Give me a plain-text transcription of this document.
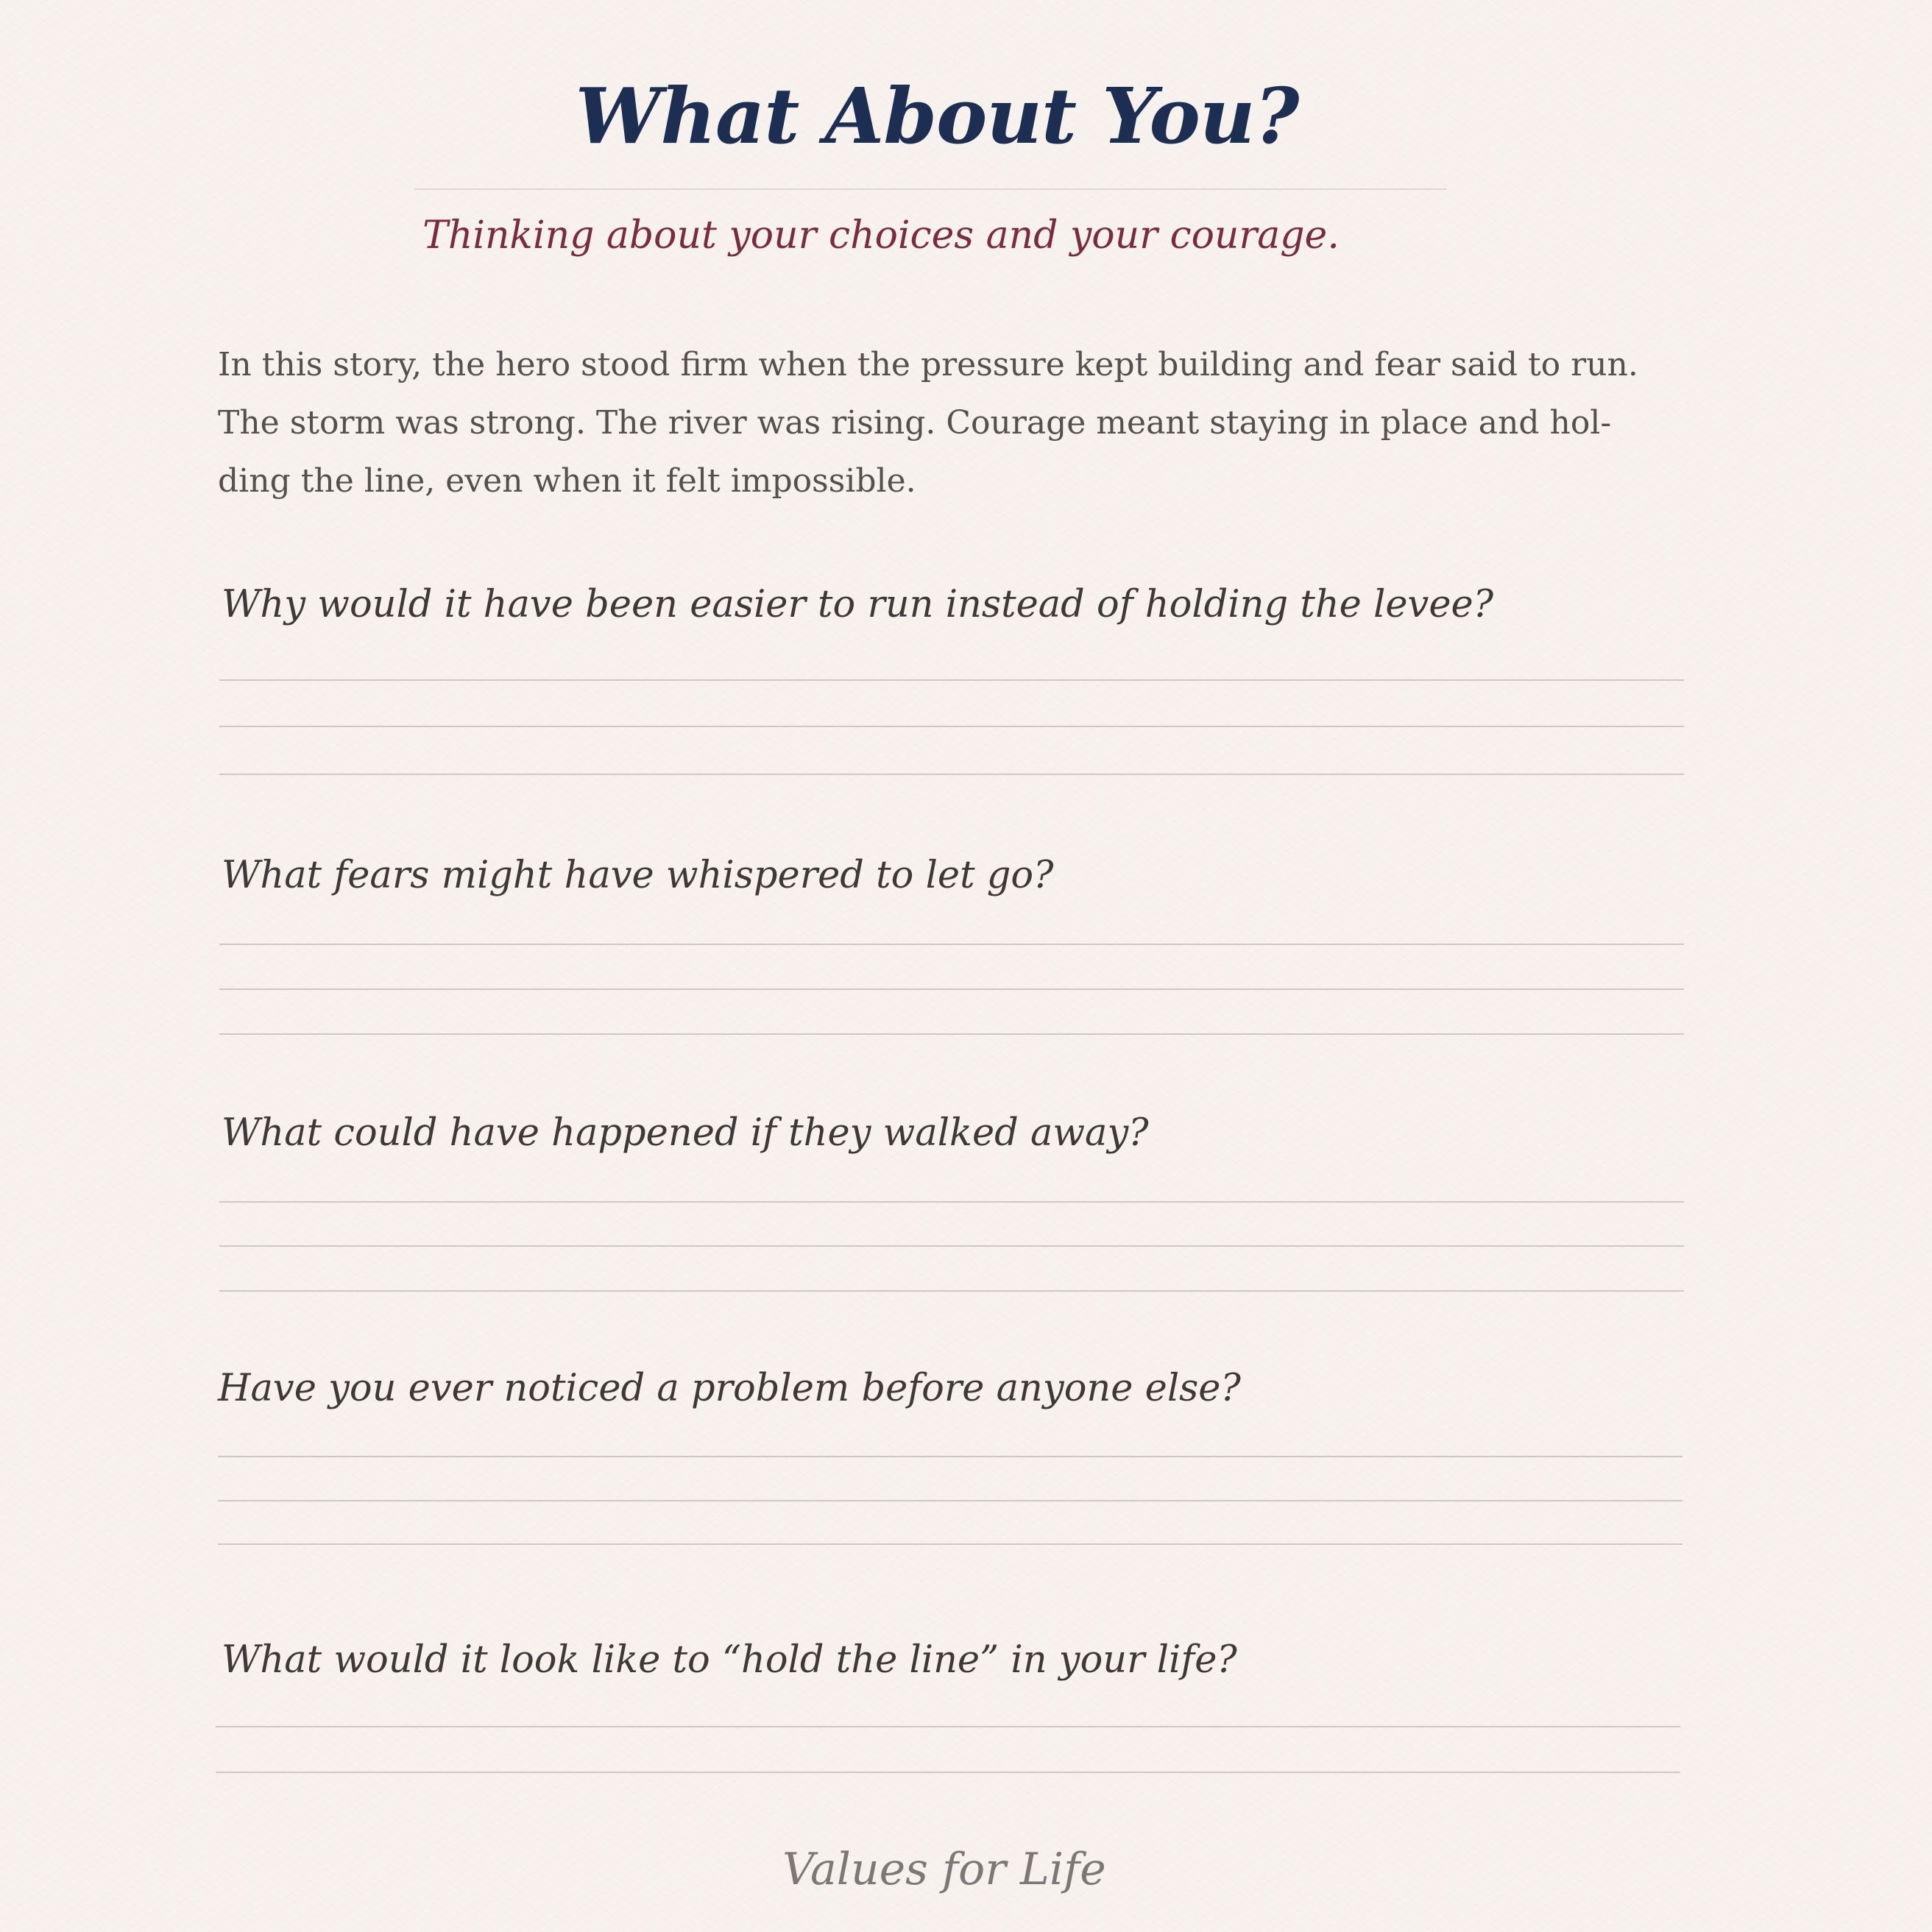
What About You?

Thinking about your choices and your courage.

In this story, the hero stood firm when the pressure kept building and fear said to run.
The storm was strong. The river was rising. Courage meant staying in place and hol-
ding the line, even when it felt impossible.

Why would it have been easier to run instead of holding the levee?

What fears might have whispered to let go?

What could have happened if they walked away?

Have you ever noticed a problem before anyone else?

What would it look like to “hold the line” in your life?

Values for Life
